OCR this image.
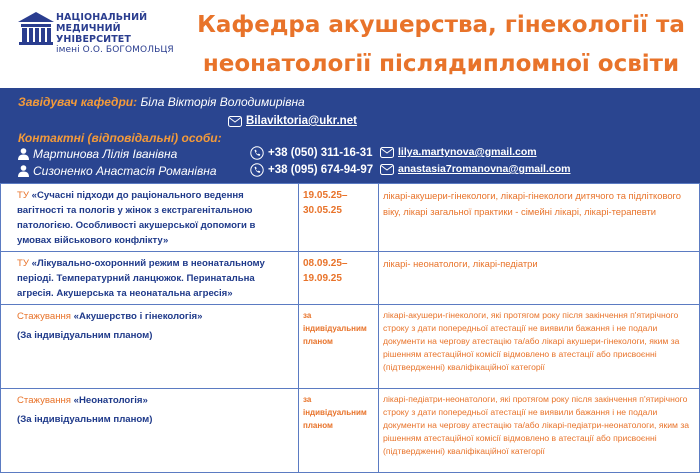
НАЦІОНАЛЬНИЙ
МЕДИЧНИЙ УНІВЕРСИТЕТ
імені О.О. БОГОМОЛЬЦЯ
Кафедра акушерства, гінекології та неонатології післядипломної освіти
Завідувач кафедри: Біла Вікторія Володимирівна
Bilaviktoria@ukr.net
Контактні (відповідальні) особи:
Мартинова Лілія Іванівна	+38 (050) 311-16-31 lilya.martynova@gmail.com
Сизоненко Анастасія Романівна	+38 (095) 674-94-97 anastasia7romanovna@gmail.com
ТУ «Сучасні підходи до раціонального ведення вагітності та пологів у жінок з екстрагенітальною патологією. Особливості акушерської допомоги в умовах військового конфлікту»	19.05.25– 30.05.25	лікарі-акушери-гінекологи, лікарі-гінекологи дитячого та підліткового віку, лікарі загальної практики - сімейні лікарі, лікарі-терапевти
ТУ «Лікувально-охоронний режим в неонатальному періоді. Температурний ланцюжок. Перинатальна агресія. Акушерська та неонатальна агресія»	08.09.25– 19.09.25	лікарі- неонатологи, лікарі-педіатри
Стажування «Акушерство і гінекологія»
(За індивідуальним планом)	за індивідуальним планом	лікарі-акушери-гінекологи, які протягом року після закінчення п'ятирічного строку з дати попередньої атестації не виявили бажання і не подали документи на чергову атестацію та/або лікарі акушери-гінекологи, яким за рішенням атестаційної комісії відмовлено в атестації або присвоєнні (підтвердженні) кваліфікаційної категорії
Стажування «Неонатологія»
(За індивідуальним планом)	за індивідуальним планом	лікарі-педіатри-неонатологи, які протягом року після закінчення п'ятирічного строку з дати попередньої атестації не виявили бажання і не подали документи на чергову атестацію та/або лікарі-педіатри-неонатологи, яким за рішенням атестаційної комісії відмовлено в атестації або присвоєнні (підтвердженні) кваліфікаційної категорії
